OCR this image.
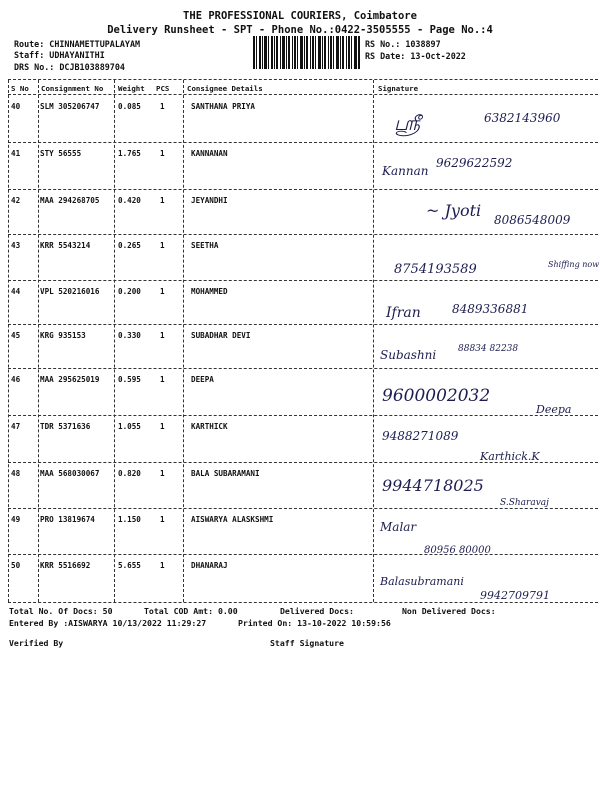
THE PROFESSIONAL COURIERS, Coimbatore
Delivery Runsheet - SPT - Phone No.:0422-3505555 - Page No.:4
Route: CHINNAMETTUPALAYAM
Staff: UDHAYANITHI
DRS No.: DCJB103889704
RS No.: 1038897
RS Date: 13-Oct-2022
S No Consignment No Weight PCS Consignee Details	Signature
40	SLM 305206747 0.085	1	SANTHANA PRIYA
ஸ்ரீ	6382143960
41	STY 56555	1.765	1	KANNANAN
Kannan
9629622592
42	MAA 294268705 0.420	1	JEYANDHI
~ Jyoti 8086548009
43	KRR 5543214	0.265	1	SEETHA
8754193589	Shiffing now
44	VPL 520216016 0.200	1	MOHAMMED
Ifran	8489336881
45	KRG 935153	0.330	1	SUBADHAR DEVI
Subashni 88834 82238
46	MAA 295625019 0.595	1	DEEPA
9600002032
Deepa
47	TDR 5371636	1.055	1	KARTHICK
9488271089
Karthick.K
48	MAA 568030067 0.820	1	BALA SUBARAMANI
9944718025
S.Sharavaj
49	PRO 13819674	1.150	1	AISWARYA ALASKSHMI
Malar
80956 80000
50	KRR 5516692	5.655	1	DHANARAJ
Balasubramani
9942709791
Total No. Of Docs: 50	Total COD Amt: 0.00	Delivered Docs:	Non Delivered Docs:
Entered By :AISWARYA 10/13/2022 11:29:27	Printed On: 13-10-2022 10:59:56
Verified By	Staff Signature
